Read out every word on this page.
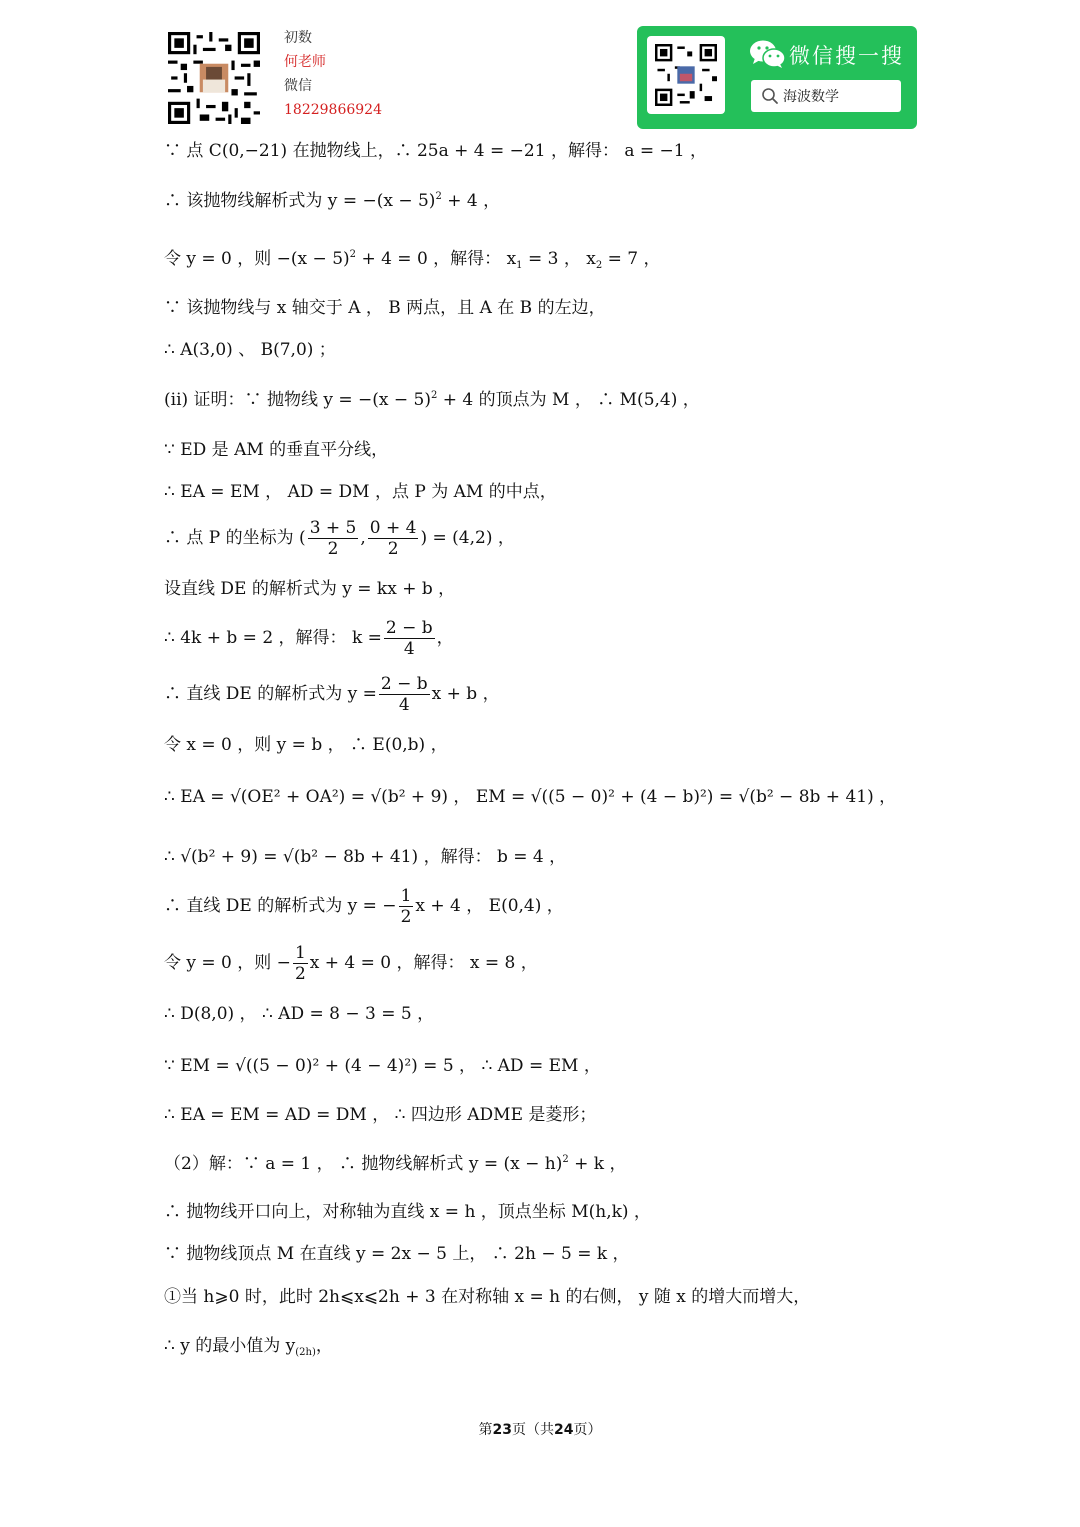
初数
何老师
微信
18229866924
微信搜一搜
海波数学
∵ 点 C(0,−21) 在抛物线上，∴ 25a + 4 = −21 ，解得： a = −1 ，
∴ 该抛物线解析式为 $y = -(x - 5)^2 + 4$ ，
令 y = 0 ，则 $-(x - 5)^2 + 4 = 0$ ，解得： $x_1 = 3$ ， $x_2 = 7$ ，
∵ 该抛物线与 x 轴交于 A ， B 两点，且 A 在 B 的左边，
∴ A(3,0) 、 B(7,0) ；
(ii) 证明：∵ 抛物线 $y = -(x - 5)^2 + 4$ 的顶点为 M ， ∴ M(5,4) ，
∵ ED 是 AM 的垂直平分线，
∴ EA = EM ， AD = DM ，点 P 为 AM 的中点，
∴ 点 P 的坐标为 ( $\frac{3 + 5}{2}$ , $\frac{0 + 4}{2}$ ) = (4,2) ，
设直线 DE 的解析式为 y = kx + b ，
∴ 4k + b = 2 ，解得： $k = \frac{2 - b}{4}$ ，
∴ 直线 DE 的解析式为 $y = \frac{2 - b}{4}$ x + b ，
令 x = 0 ，则 y = b ， ∴ E(0,b) ，
∴ EA = √(OE² + OA²) = √(b² + 9) ， EM = √((5 − 0)² + (4 − b)²) = √(b² − 8b + 41) ，
∴ √(b² + 9) = √(b² − 8b + 41) ，解得： b = 4 ，
∴ 直线 DE 的解析式为 y = − $\frac{1}{2}$ x + 4 ， E(0,4) ，
令 y = 0 ，则 − $\frac{1}{2}$ x + 4 = 0 ，解得： x = 8 ，
∴ D(8,0) ， ∴ AD = 8 − 3 = 5 ，
∵ EM = √((5 − 0)² + (4 − 4)²) = 5 ， ∴ AD = EM ，
∴ EA = EM = AD = DM ， ∴ 四边形 ADME 是菱形；
（2）解：∵ a = 1 ， ∴ 抛物线解析式 $y = (x - h)^2 + k$ ，
∴ 抛物线开口向上，对称轴为直线 x = h ，顶点坐标 M(h,k) ，
∵ 抛物线顶点 M 在直线 y = 2x − 5 上， ∴ 2h − 5 = k ，
①当 h⩾0 时，此时 2h⩽x⩽2h + 3 在对称轴 x = h 的右侧， y 随 x 的增大而增大，
∴ y 的最小值为 $y_{(2h)}$，
第23页（共24页）
